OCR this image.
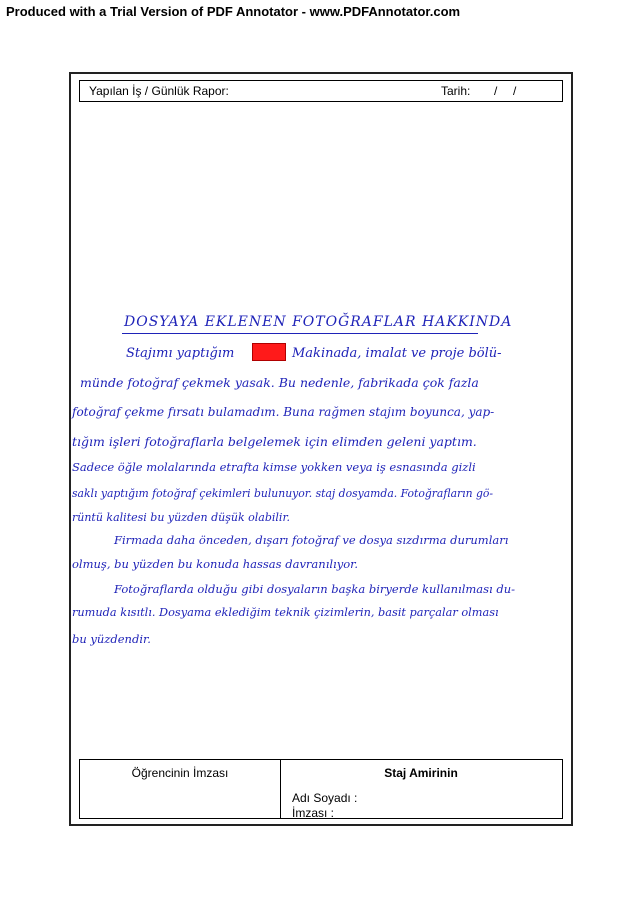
Produced with a Trial Version of PDF Annotator - www.PDFAnnotator.com
Yapılan İş / Günlük Rapor:	Tarih: / /
DOSYAYA EKLENEN FOTOĞRAFLAR HAKKINDA
Stajımı yaptığım	Makinada, imalat ve proje bölü-
münde fotoğraf çekmek yasak. Bu nedenle, fabrikada çok fazla
fotoğraf çekme fırsatı bulamadım. Buna rağmen stajım boyunca, yap-
tığım işleri fotoğraflarla belgelemek için elimden geleni yaptım.
Sadece öğle molalarında etrafta kimse yokken veya iş esnasında gizli
saklı yaptığım fotoğraf çekimleri bulunuyor. staj dosyamda. Fotoğrafların gö-
rüntü kalitesi bu yüzden düşük olabilir.
Firmada daha önceden, dışarı fotoğraf ve dosya sızdırma durumları
olmuş, bu yüzden bu konuda hassas davranılıyor.
Fotoğraflarda olduğu gibi dosyaların başka biryerde kullanılması du-
rumuda kısıtlı. Dosyama eklediğim teknik çizimlerin, basit parçalar olması
bu yüzdendir.
Öğrencinin İmzası	Staj Amirinin
Adı Soyadı :
İmzası :
